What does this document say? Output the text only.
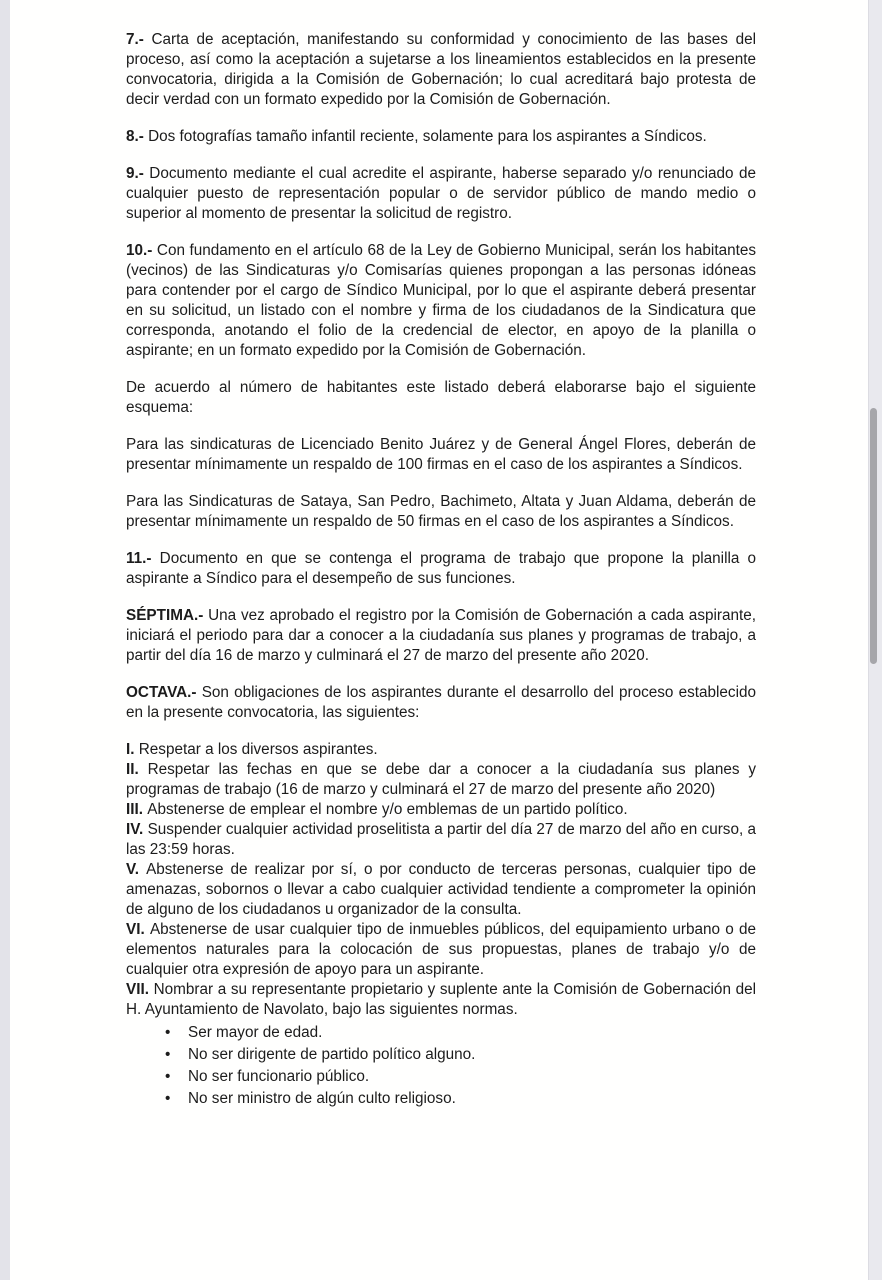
7.- Carta de aceptación, manifestando su conformidad y conocimiento de las bases del proceso, así como la aceptación a sujetarse a los lineamientos establecidos en la presente convocatoria, dirigida a la Comisión de Gobernación; lo cual acreditará bajo protesta de decir verdad con un formato expedido por la Comisión de Gobernación.

8.- Dos fotografías tamaño infantil reciente, solamente para los aspirantes a Síndicos.

9.- Documento mediante el cual acredite el aspirante, haberse separado y/o renunciado de cualquier puesto de representación popular o de servidor público de mando medio o superior al momento de presentar la solicitud de registro.

10.- Con fundamento en el artículo 68 de la Ley de Gobierno Municipal, serán los habitantes (vecinos) de las Sindicaturas y/o Comisarías quienes propongan a las personas idóneas para contender por el cargo de Síndico Municipal, por lo que el aspirante deberá presentar en su solicitud, un listado con el nombre y firma de los ciudadanos de la Sindicatura que corresponda, anotando el folio de la credencial de elector, en apoyo de la planilla o aspirante; en un formato expedido por la Comisión de Gobernación.

De acuerdo al número de habitantes este listado deberá elaborarse bajo el siguiente esquema:

Para las sindicaturas de Licenciado Benito Juárez y de General Ángel Flores, deberán de presentar mínimamente un respaldo de 100 firmas en el caso de los aspirantes a Síndicos.

Para las Sindicaturas de Sataya, San Pedro, Bachimeto, Altata y Juan Aldama, deberán de presentar mínimamente un respaldo de 50 firmas en el caso de los aspirantes a Síndicos.

11.- Documento en que se contenga el programa de trabajo que propone la planilla o aspirante a Síndico para el desempeño de sus funciones.

SÉPTIMA.- Una vez aprobado el registro por la Comisión de Gobernación a cada aspirante, iniciará el periodo para dar a conocer a la ciudadanía sus planes y programas de trabajo, a partir del día 16 de marzo y culminará el 27 de marzo del presente año 2020.

OCTAVA.- Son obligaciones de los aspirantes durante el desarrollo del proceso establecido en la presente convocatoria, las siguientes:

I. Respetar a los diversos aspirantes.

II. Respetar las fechas en que se debe dar a conocer a la ciudadanía sus planes y programas de trabajo (16 de marzo y culminará el 27 de marzo del presente año 2020)

III. Abstenerse de emplear el nombre y/o emblemas de un partido político.

IV. Suspender cualquier actividad proselitista a partir del día 27 de marzo del año en curso, a las 23:59 horas.

V. Abstenerse de realizar por sí, o por conducto de terceras personas, cualquier tipo de amenazas, sobornos o llevar a cabo cualquier actividad tendiente a comprometer la opinión de alguno de los ciudadanos u organizador de la consulta.

VI. Abstenerse de usar cualquier tipo de inmuebles públicos, del equipamiento urbano o de elementos naturales para la colocación de sus propuestas, planes de trabajo y/o de cualquier otra expresión de apoyo para un aspirante.

VII. Nombrar a su representante propietario y suplente ante la Comisión de Gobernación del H. Ayuntamiento de Navolato, bajo las siguientes normas.

• Ser mayor de edad.
• No ser dirigente de partido político alguno.
• No ser funcionario público.
• No ser ministro de algún culto religioso.
